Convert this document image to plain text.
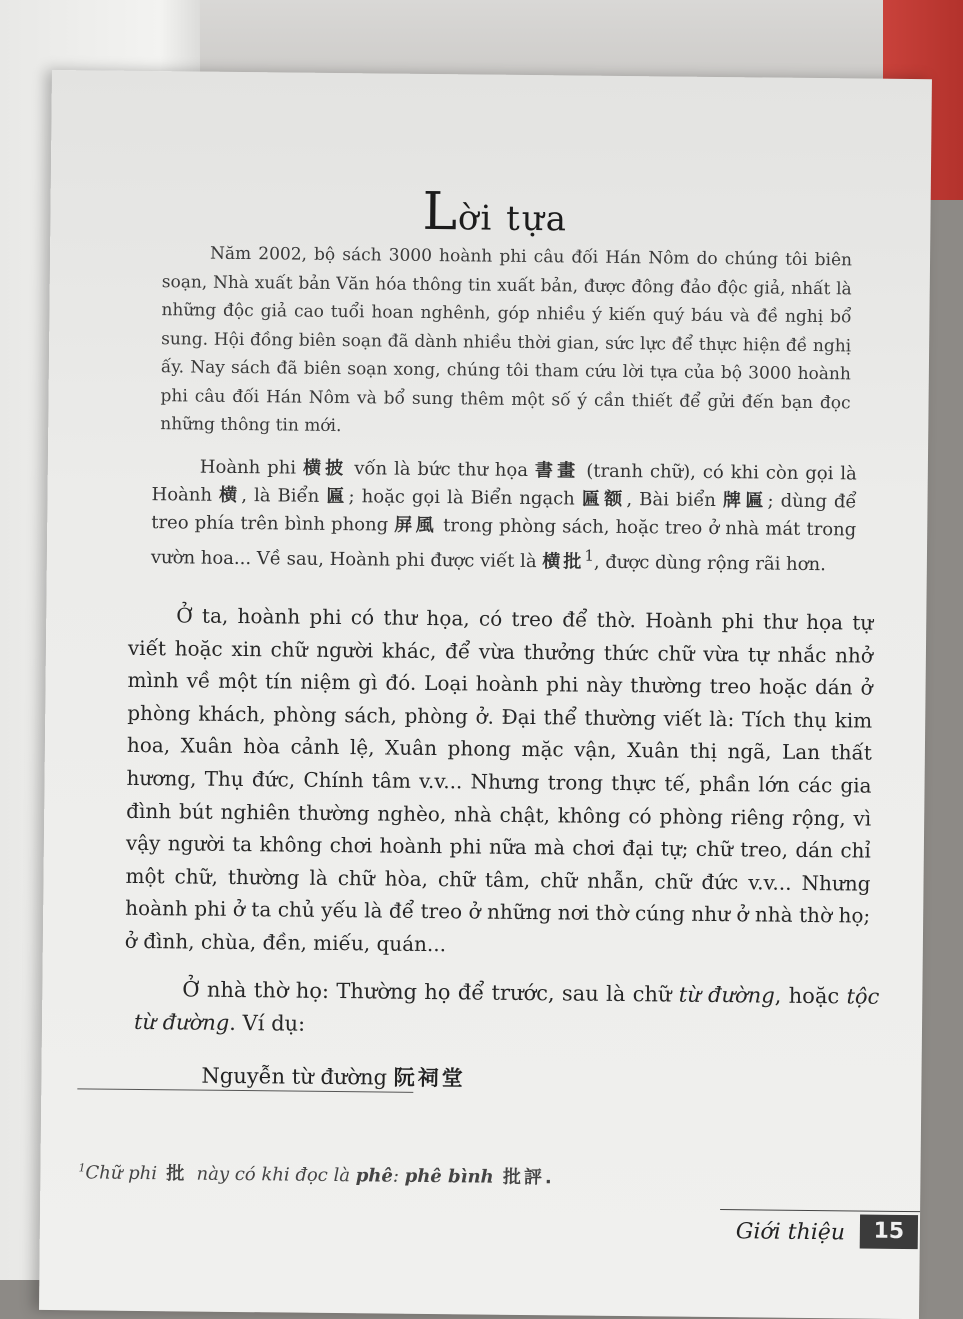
Lời tựa

Năm 2002, bộ sách 3000 hoành phi câu đối Hán Nôm do chúng tôi biên soạn, Nhà xuất bản Văn hóa thông tin xuất bản, được đông đảo độc giả, nhất là những độc giả cao tuổi hoan nghênh, góp nhiều ý kiến quý báu và đề nghị bổ sung. Hội đồng biên soạn đã dành nhiều thời gian, sức lực để thực hiện đề nghị ấy. Nay sách đã biên soạn xong, chúng tôi tham cứu lời tựa của bộ 3000 hoành phi câu đối Hán Nôm và bổ sung thêm một số ý cần thiết để gửi đến bạn đọc những thông tin mới.

Hoành phi 横披 vốn là bức thư họa 書畫 (tranh chữ), có khi còn gọi là Hoành 横, là Biển 匾; hoặc gọi là Biển ngạch 匾额, Bài biển 牌匾; dùng để treo phía trên bình phong 屏風 trong phòng sách, hoặc treo ở nhà mát trong vườn hoa... Về sau, Hoành phi được viết là 横批$^1$, được dùng rộng rãi hơn.

Ở ta, hoành phi có thư họa, có treo để thờ. Hoành phi thư họa tự viết hoặc xin chữ người khác, để vừa thưởng thức chữ vừa tự nhắc nhở mình về một tín niệm gì đó. Loại hoành phi này thường treo hoặc dán ở phòng khách, phòng sách, phòng ở. Đại thể thường viết là: Tích thụ kim hoa, Xuân hòa cảnh lệ, Xuân phong mặc vận, Xuân thị ngã, Lan thất hương, Thụ đức, Chính tâm v.v... Nhưng trong thực tế, phần lớn các gia đình bút nghiên thường nghèo, nhà chật, không có phòng riêng rộng, vì vậy người ta không chơi hoành phi nữa mà chơi đại tự; chữ treo, dán chỉ một chữ, thường là chữ hòa, chữ tâm, chữ nhẫn, chữ đức v.v... Nhưng hoành phi ở ta chủ yếu là để treo ở những nơi thờ cúng như ở nhà thờ họ; ở đình, chùa, đền, miếu, quán...

Ở nhà thờ họ: Thường họ để trước, sau là chữ từ đường, hoặc tộc từ đường. Ví dụ:

Nguyễn từ đường 阮祠堂
$^1$Chữ phi 批 này có khi đọc là phê: phê bình 批評.
Giới thiệu	15
